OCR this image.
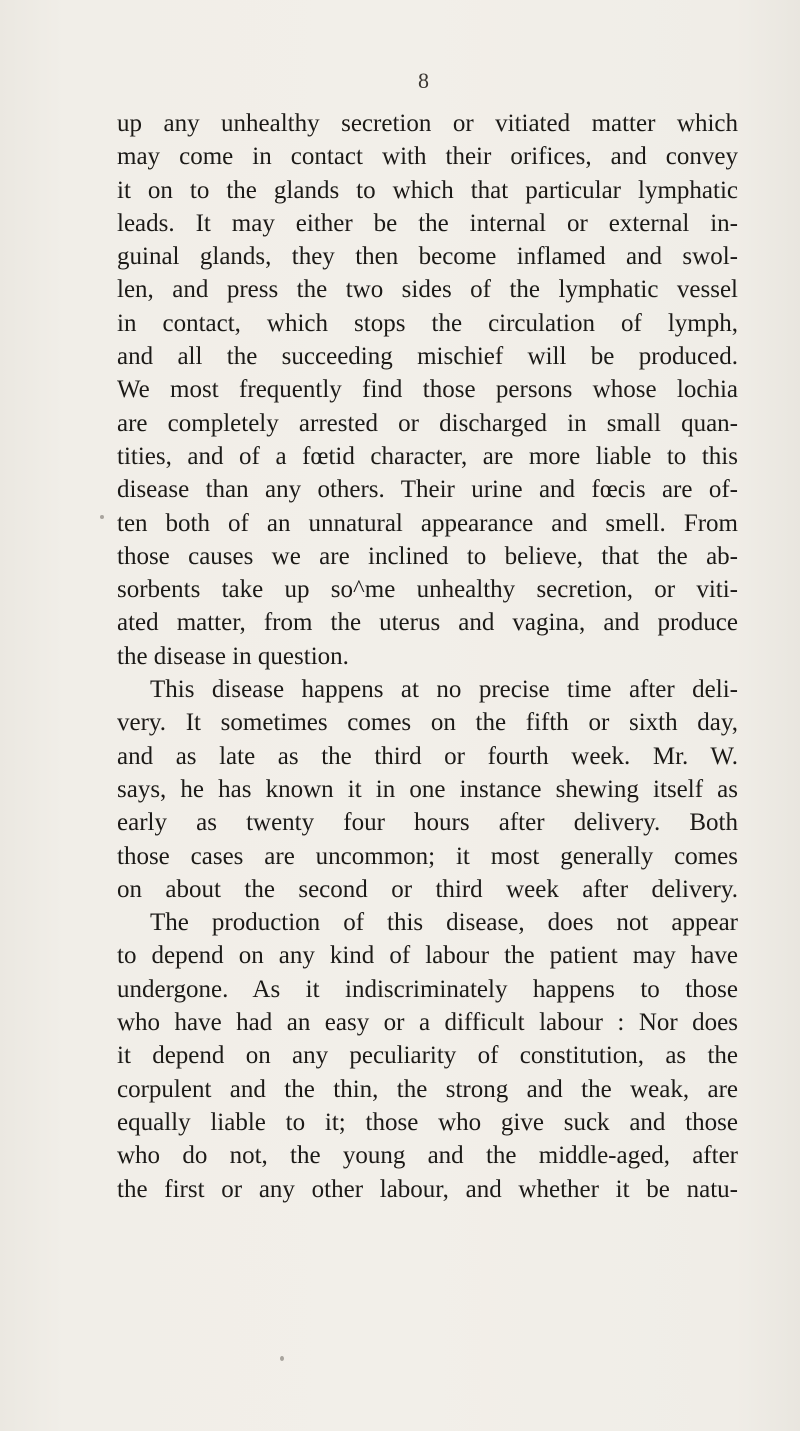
8
up any unhealthy secretion or vitiated matter which
may come in contact with their orifices, and convey
it on to the glands to which that particular lymphatic
leads. It may either be the internal or external in-
guinal glands, they then become inflamed and swol-
len, and press the two sides of the lymphatic vessel
in contact, which stops the circulation of lymph,
and all the succeeding mischief will be produced.
We most frequently find those persons whose lochia
are completely arrested or discharged in small quan-
tities, and of a fœtid character, are more liable to this
disease than any others. Their urine and fœcis are of-
ten both of an unnatural appearance and smell. From
those causes we are inclined to believe, that the ab-
sorbents take up so^me unhealthy secretion, or viti-
ated matter, from the uterus and vagina, and produce
the disease in question.
This disease happens at no precise time after deli-
very. It sometimes comes on the fifth or sixth day,
and as late as the third or fourth week. Mr. W.
says, he has known it in one instance shewing itself as
early as twenty four hours after delivery. Both
those cases are uncommon; it most generally comes
on about the second or third week after delivery.
The production of this disease, does not appear
to depend on any kind of labour the patient may have
undergone. As it indiscriminately happens to those
who have had an easy or a difficult labour : Nor does
it depend on any peculiarity of constitution, as the
corpulent and the thin, the strong and the weak, are
equally liable to it; those who give suck and those
who do not, the young and the middle-aged, after
the first or any other labour, and whether it be natu-
